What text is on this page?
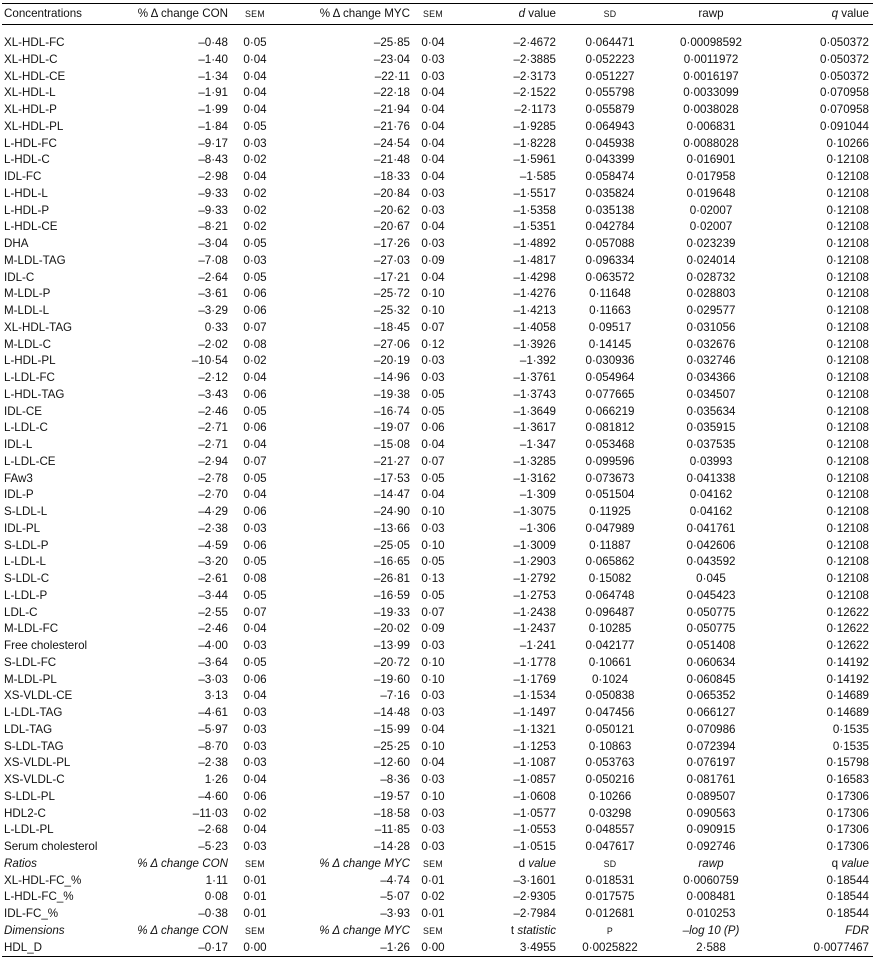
Concentrations	% Δ change CON	SEM	% Δ change MYC	SEM	d value	SD	rawp	q value
XL-HDL-FC	–0·48	0·05	–25·85	0·04	–2·4672	0·064471	0·00098592	0·050372
XL-HDL-C	–1·40	0·04	–23·04	0·03	–2·3885	0·052223	0·0011972	0·050372
XL-HDL-CE	–1·34	0·04	–22·11	0·03	–2·3173	0·051227	0·0016197	0·050372
XL-HDL-L	–1·91	0·04	–22·18	0·04	–2·1522	0·055798	0·0033099	0·070958
XL-HDL-P	–1·99	0·04	–21·94	0·04	–2·1173	0·055879	0·0038028	0·070958
XL-HDL-PL	–1·84	0·05	–21·76	0·04	–1·9285	0·064943	0·006831	0·091044
L-HDL-FC	–9·17	0·03	–24·54	0·04	–1·8228	0·045938	0·0088028	0·10266
L-HDL-C	–8·43	0·02	–21·48	0·04	–1·5961	0·043399	0·016901	0·12108
IDL-FC	–2·98	0·04	–18·33	0·04	–1·585	0·058474	0·017958	0·12108
L-HDL-L	–9·33	0·02	–20·84	0·03	–1·5517	0·035824	0·019648	0·12108
L-HDL-P	–9·33	0·02	–20·62	0·03	–1·5358	0·035138	0·02007	0·12108
L-HDL-CE	–8·21	0·02	–20·67	0·04	–1·5351	0·042784	0·02007	0·12108
DHA	–3·04	0·05	–17·26	0·03	–1·4892	0·057088	0·023239	0·12108
M-LDL-TAG	–7·08	0·03	–27·03	0·09	–1·4817	0·096334	0·024014	0·12108
IDL-C	–2·64	0·05	–17·21	0·04	–1·4298	0·063572	0·028732	0·12108
M-LDL-P	–3·61	0·06	–25·72	0·10	–1·4276	0·11648	0·028803	0·12108
M-LDL-L	–3·29	0·06	–25·32	0·10	–1·4213	0·11663	0·029577	0·12108
XL-HDL-TAG	0·33	0·07	–18·45	0·07	–1·4058	0·09517	0·031056	0·12108
M-LDL-C	–2·02	0·08	–27·06	0·12	–1·3926	0·14145	0·032676	0·12108
L-HDL-PL	–10·54	0·02	–20·19	0·03	–1·392	0·030936	0·032746	0·12108
L-LDL-FC	–2·12	0·04	–14·96	0·03	–1·3761	0·054964	0·034366	0·12108
L-HDL-TAG	–3·43	0·06	–19·38	0·05	–1·3743	0·077665	0·034507	0·12108
IDL-CE	–2·46	0·05	–16·74	0·05	–1·3649	0·066219	0·035634	0·12108
L-LDL-C	–2·71	0·06	–19·07	0·06	–1·3617	0·081812	0·035915	0·12108
IDL-L	–2·71	0·04	–15·08	0·04	–1·347	0·053468	0·037535	0·12108
L-LDL-CE	–2·94	0·07	–21·27	0·07	–1·3285	0·099596	0·03993	0·12108
FAw3	–2·78	0·05	–17·53	0·05	–1·3162	0·073673	0·041338	0·12108
IDL-P	–2·70	0·04	–14·47	0·04	–1·309	0·051504	0·04162	0·12108
S-LDL-L	–4·29	0·06	–24·90	0·10	–1·3075	0·11925	0·04162	0·12108
IDL-PL	–2·38	0·03	–13·66	0·03	–1·306	0·047989	0·041761	0·12108
S-LDL-P	–4·59	0·06	–25·05	0·10	–1·3009	0·11887	0·042606	0·12108
L-LDL-L	–3·20	0·05	–16·65	0·05	–1·2903	0·065862	0·043592	0·12108
S-LDL-C	–2·61	0·08	–26·81	0·13	–1·2792	0·15082	0·045	0·12108
L-LDL-P	–3·44	0·05	–16·59	0·05	–1·2753	0·064748	0·045423	0·12108
LDL-C	–2·55	0·07	–19·33	0·07	–1·2438	0·096487	0·050775	0·12622
M-LDL-FC	–2·46	0·04	–20·02	0·09	–1·2437	0·10285	0·050775	0·12622
Free cholesterol	–4·00	0·03	–13·99	0·03	–1·241	0·042177	0·051408	0·12622
S-LDL-FC	–3·64	0·05	–20·72	0·10	–1·1778	0·10661	0·060634	0·14192
M-LDL-PL	–3·03	0·06	–19·60	0·10	–1·1769	0·1024	0·060845	0·14192
XS-VLDL-CE	3·13	0·04	–7·16	0·03	–1·1534	0·050838	0·065352	0·14689
L-LDL-TAG	–4·61	0·03	–14·48	0·03	–1·1497	0·047456	0·066127	0·14689
LDL-TAG	–5·97	0·03	–15·99	0·04	–1·1321	0·050121	0·070986	0·1535
S-LDL-TAG	–8·70	0·03	–25·25	0·10	–1·1253	0·10863	0·072394	0·1535
XS-VLDL-PL	–2·38	0·03	–12·60	0·04	–1·1087	0·053763	0·076197	0·15798
XS-VLDL-C	1·26	0·04	–8·36	0·03	–1·0857	0·050216	0·081761	0·16583
S-LDL-PL	–4·60	0·06	–19·57	0·10	–1·0608	0·10266	0·089507	0·17306
HDL2-C	–11·03	0·02	–18·58	0·03	–1·0577	0·03298	0·090563	0·17306
L-LDL-PL	–2·68	0·04	–11·85	0·03	–1·0553	0·048557	0·090915	0·17306
Serum cholesterol	–5·23	0·03	–14·28	0·03	–1·0515	0·047617	0·092746	0·17306
Ratios	% Δ change CON	SEM	% Δ change MYC	SEM	d value	SD	rawp	q value
XL-HDL-FC_%	1·11	0·01	–4·74	0·01	–3·1601	0·018531	0·0060759	0·18544
L-HDL-FC_%	0·08	0·01	–5·07	0·02	–2·9305	0·017575	0·008481	0·18544
IDL-FC_%	–0·38	0·01	–3·93	0·01	–2·7984	0·012681	0·010253	0·18544
Dimensions	% Δ change CON	SEM	% Δ change MYC	SEM	t statistic	P	–log 10 (P)	FDR
HDL_D	–0·17	0·00	–1·26	0·00	3·4955	0·0025822	2·588	0·0077467
